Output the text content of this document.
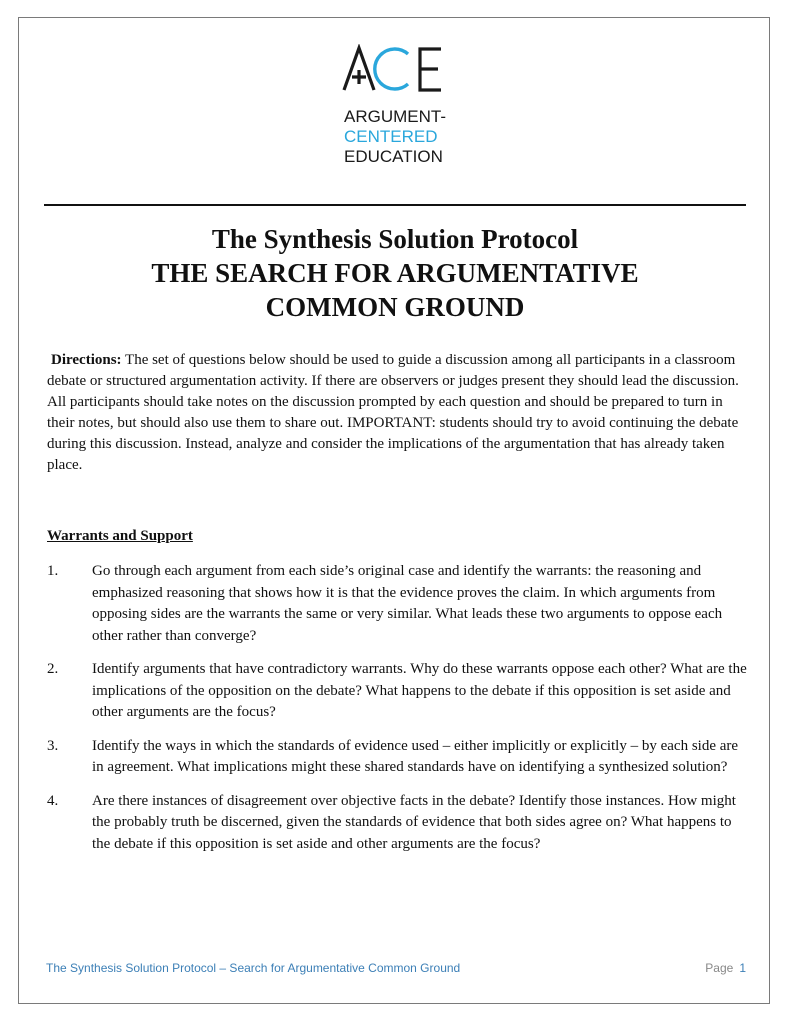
ARGUMENT-
CENTERED
EDUCATION
The Synthesis Solution Protocol
THE SEARCH FOR ARGUMENTATIVE
COMMON GROUND

Directions: The set of questions below should be used to guide a discussion among all participants in a classroom debate or structured argumentation activity. If there are observers or judges present they should lead the discussion. All participants should take notes on the discussion prompted by each question and should be prepared to turn in their notes, but should also use them to share out. IMPORTANT: students should try to avoid continuing the debate during this discussion. Instead, analyze and consider the implications of the argumentation that has already taken place.

Warrants and Support
1. Go through each argument from each side’s original case and identify the warrants: the reasoning and emphasized reasoning that shows how it is that the evidence proves the claim. In which arguments from opposing sides are the warrants the same or very similar. What leads these two arguments to oppose each other rather than converge?
2. Identify arguments that have contradictory warrants. Why do these warrants oppose each other? What are the implications of the opposition on the debate? What happens to the debate if this opposition is set aside and other arguments are the focus?
3. Identify the ways in which the standards of evidence used – either implicitly or explicitly – by each side are in agreement. What implications might these shared standards have on identifying a synthesized solution?
4. Are there instances of disagreement over objective facts in the debate? Identify those instances. How might the probably truth be discerned, given the standards of evidence that both sides agree on? What happens to the debate if this opposition is set aside and other arguments are the focus?
The Synthesis Solution Protocol – Search for Argumentative Common Ground	Page 1
